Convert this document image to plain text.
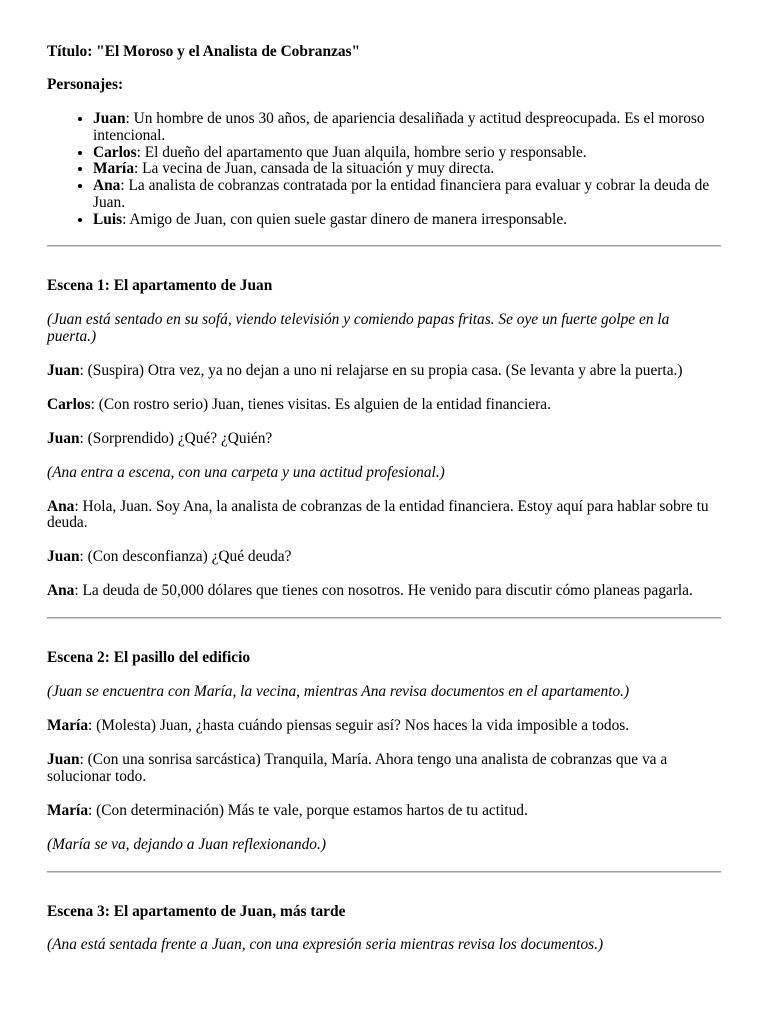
Título: "El Moroso y el Analista de Cobranzas"

Personajes:

• Juan: Un hombre de unos 30 años, de apariencia desaliñada y actitud despreocupada. Es el moroso intencional.
• Carlos: El dueño del apartamento que Juan alquila, hombre serio y responsable.
• María: La vecina de Juan, cansada de la situación y muy directa.
• Ana: La analista de cobranzas contratada por la entidad financiera para evaluar y cobrar la deuda de Juan.
• Luis: Amigo de Juan, con quien suele gastar dinero de manera irresponsable.

Escena 1: El apartamento de Juan

(Juan está sentado en su sofá, viendo televisión y comiendo papas fritas. Se oye un fuerte golpe en la puerta.)

Juan: (Suspira) Otra vez, ya no dejan a uno ni relajarse en su propia casa. (Se levanta y abre la puerta.)

Carlos: (Con rostro serio) Juan, tienes visitas. Es alguien de la entidad financiera.

Juan: (Sorprendido) ¿Qué? ¿Quién?

(Ana entra a escena, con una carpeta y una actitud profesional.)

Ana: Hola, Juan. Soy Ana, la analista de cobranzas de la entidad financiera. Estoy aquí para hablar sobre tu deuda.

Juan: (Con desconfianza) ¿Qué deuda?

Ana: La deuda de 50,000 dólares que tienes con nosotros. He venido para discutir cómo planeas pagarla.

Escena 2: El pasillo del edificio

(Juan se encuentra con María, la vecina, mientras Ana revisa documentos en el apartamento.)

María: (Molesta) Juan, ¿hasta cuándo piensas seguir así? Nos haces la vida imposible a todos.

Juan: (Con una sonrisa sarcástica) Tranquila, María. Ahora tengo una analista de cobranzas que va a solucionar todo.

María: (Con determinación) Más te vale, porque estamos hartos de tu actitud.

(María se va, dejando a Juan reflexionando.)

Escena 3: El apartamento de Juan, más tarde

(Ana está sentada frente a Juan, con una expresión seria mientras revisa los documentos.)
